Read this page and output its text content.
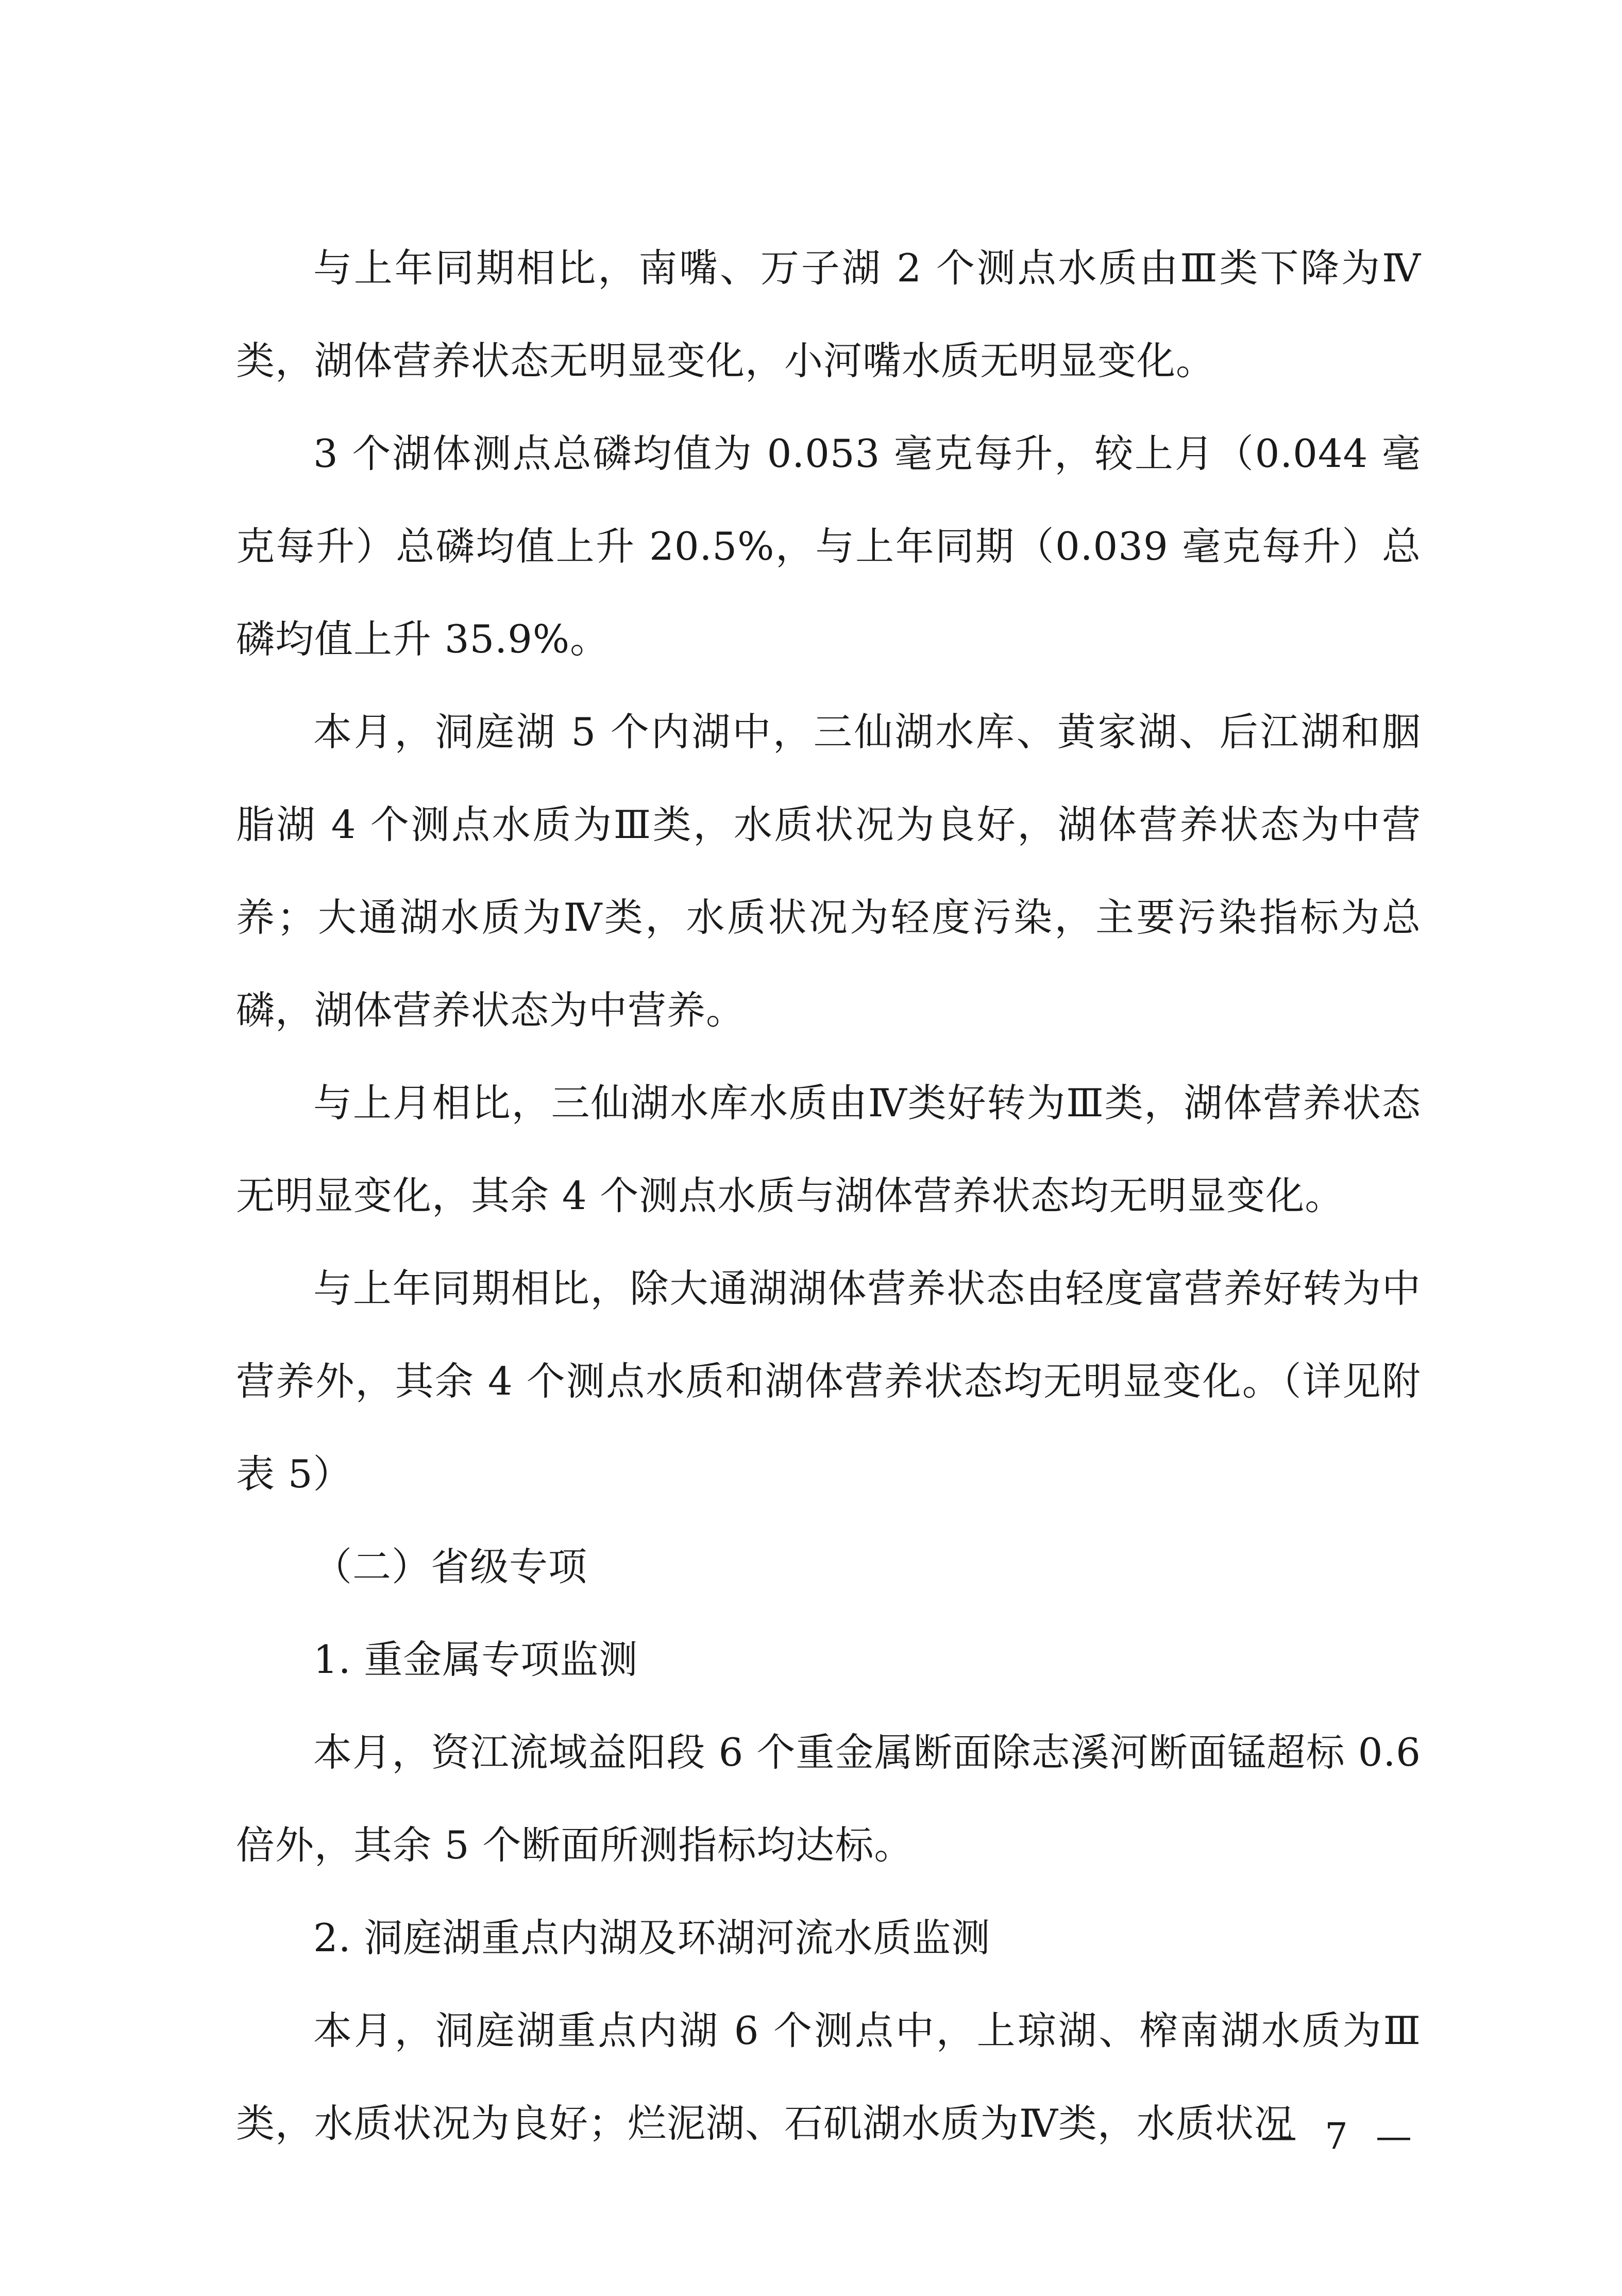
与上年同期相比，南嘴、万子湖 2 个测点水质由Ⅲ类下降为Ⅳ类，湖体营养状态无明显变化，小河嘴水质无明显变化。

3 个湖体测点总磷均值为 0.053 毫克每升，较上月（0.044 毫克每升）总磷均值上升 20.5%，与上年同期（0.039 毫克每升）总磷均值上升 35.9%。

本月，洞庭湖 5 个内湖中，三仙湖水库、黄家湖、后江湖和胭脂湖 4 个测点水质为Ⅲ类，水质状况为良好，湖体营养状态为中营养；大通湖水质为Ⅳ类，水质状况为轻度污染，主要污染指标为总磷，湖体营养状态为中营养。

与上月相比，三仙湖水库水质由Ⅳ类好转为Ⅲ类，湖体营养状态无明显变化，其余 4 个测点水质与湖体营养状态均无明显变化。

与上年同期相比，除大通湖湖体营养状态由轻度富营养好转为中营养外，其余 4 个测点水质和湖体营养状态均无明显变化。（详见附表 5）

（二）省级专项

1. 重金属专项监测

本月，资江流域益阳段 6 个重金属断面除志溪河断面锰超标 0.6 倍外，其余 5 个断面所测指标均达标。

2. 洞庭湖重点内湖及环湖河流水质监测

本月，洞庭湖重点内湖 6 个测点中，上琼湖、榨南湖水质为Ⅲ类，水质状况为良好；烂泥湖、石矶湖水质为Ⅳ类，水质状况

— 7 —
